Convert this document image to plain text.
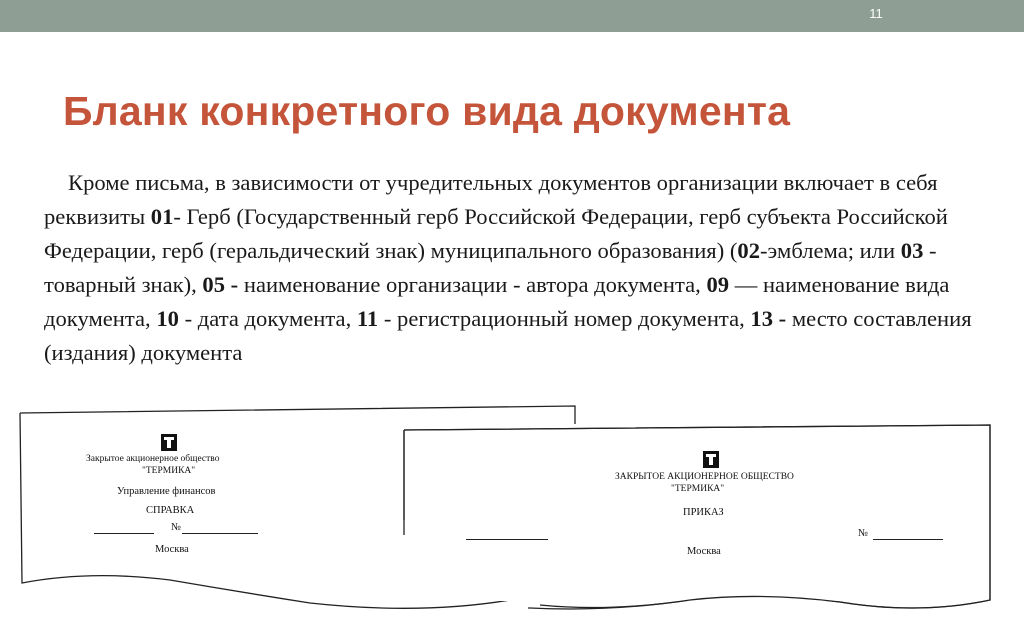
11
Бланк конкретного вида документа

Кроме письма, в зависимости от учредительных документов организации включает в себя реквизиты 01- Герб (Государственный герб Российской Федерации, герб субъекта Российской Федерации, герб (геральдический знак) муниципального образования) (02-эмблема; или 03 - товарный знак), 05 - наименование организации - автора документа, 09 — наименование вида документа, 10 - дата документа, 11 - регистрационный номер документа, 13 - место составления (издания) документа

Закрытое акционерное общество
"ТЕРМИКА"
Управление финансов
СПРАВКА
№
Москва
ЗАКРЫТОЕ АКЦИОНЕРНОЕ ОБЩЕСТВО
"ТЕРМИКА"
ПРИКАЗ
№
Москва
